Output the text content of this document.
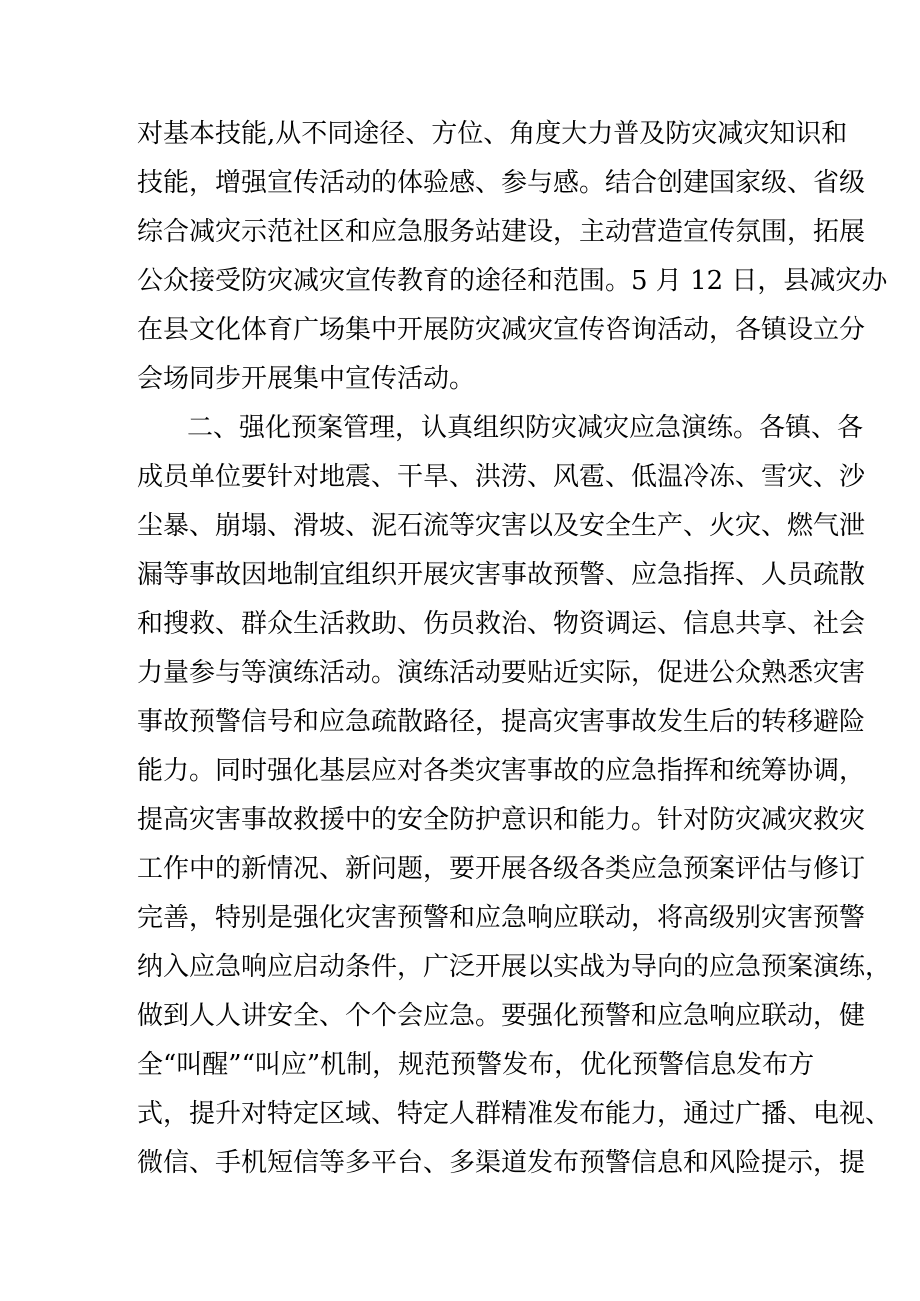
对基本技能,从不同途径、方位、角度大力普及防灾减灾知识和
技能，增强宣传活动的体验感、参与感。结合创建国家级、省级
综合减灾示范社区和应急服务站建设，主动营造宣传氛围，拓展
公众接受防灾减灾宣传教育的途径和范围。5 月 12 日，县减灾办
在县文化体育广场集中开展防灾减灾宣传咨询活动，各镇设立分
会场同步开展集中宣传活动。
二、强化预案管理，认真组织防灾减灾应急演练。各镇、各
成员单位要针对地震、干旱、洪涝、风雹、低温冷冻、雪灾、沙
尘暴、崩塌、滑坡、泥石流等灾害以及安全生产、火灾、燃气泄
漏等事故因地制宜组织开展灾害事故预警、应急指挥、人员疏散
和搜救、群众生活救助、伤员救治、物资调运、信息共享、社会
力量参与等演练活动。演练活动要贴近实际，促进公众熟悉灾害
事故预警信号和应急疏散路径，提高灾害事故发生后的转移避险
能力。同时强化基层应对各类灾害事故的应急指挥和统筹协调，
提高灾害事故救援中的安全防护意识和能力。针对防灾减灾救灾
工作中的新情况、新问题，要开展各级各类应急预案评估与修订
完善，特别是强化灾害预警和应急响应联动，将高级别灾害预警
纳入应急响应启动条件，广泛开展以实战为导向的应急预案演练，
做到人人讲安全、个个会应急。要强化预警和应急响应联动，健
全“叫醒”“叫应”机制，规范预警发布，优化预警信息发布方
式，提升对特定区域、特定人群精准发布能力，通过广播、电视、
微信、手机短信等多平台、多渠道发布预警信息和风险提示，提
